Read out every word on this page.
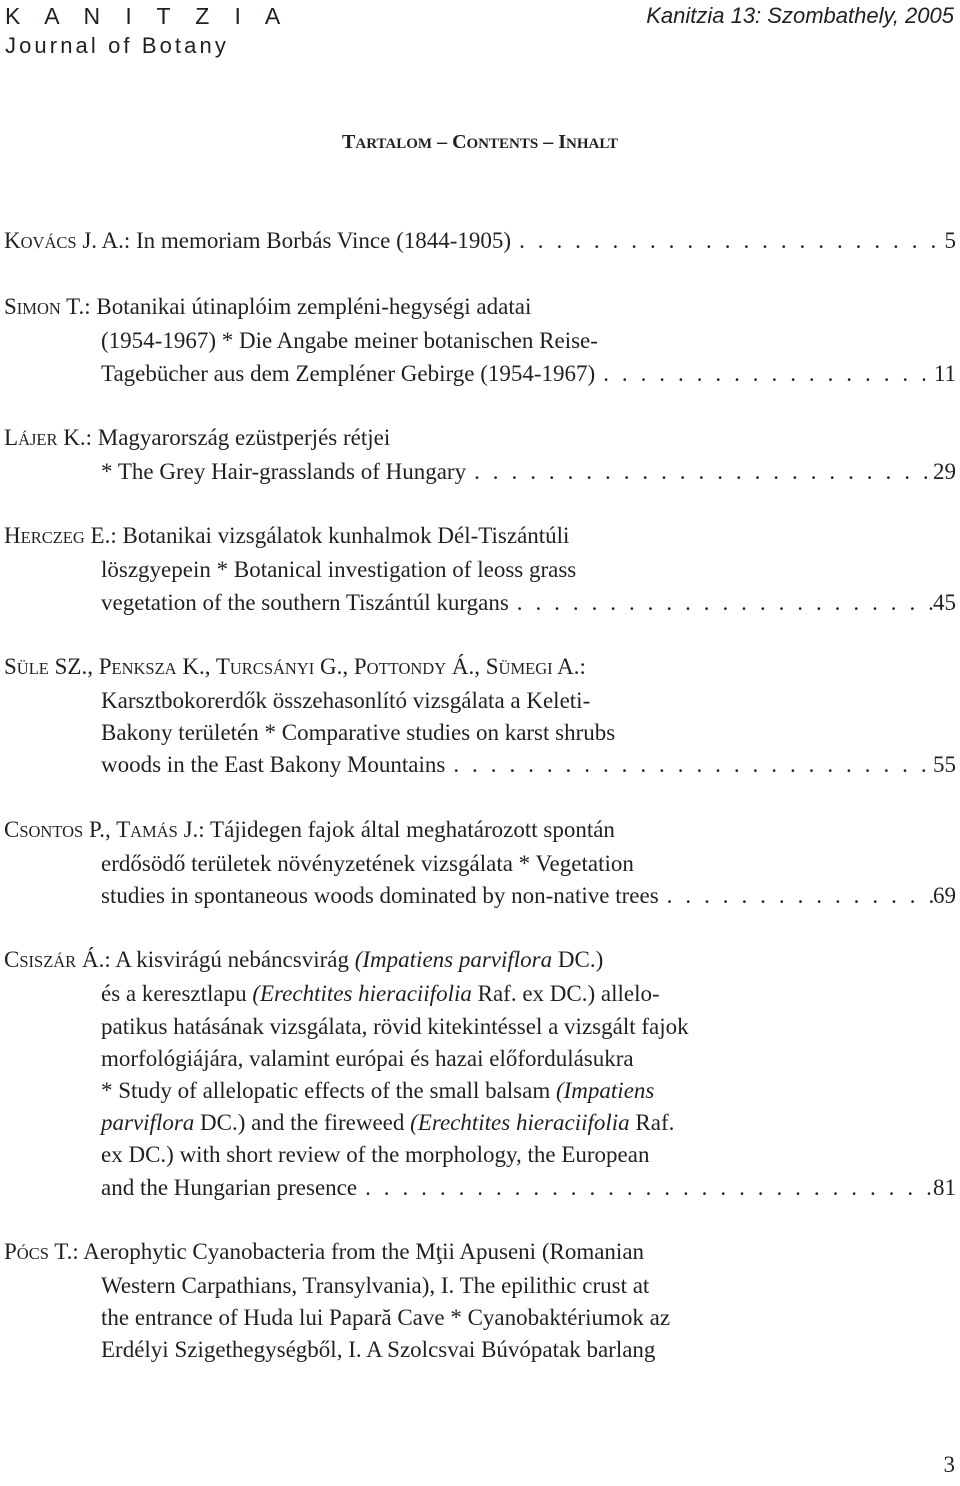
K A N I T Z I A
Journal of Botany
Kanitzia 13: Szombathely, 2005
TARTALOM – CONTENTS – INHALT
KOVÁCS J. A.: In memoriam Borbás Vince (1844-1905) . . .	5
SIMON T.: Botanikai útinaplóim zempléni-hegységi adatai
(1954-1967) * Die Angabe meiner botanischen Reise-
Tagebücher aus dem Zempléner Gebirge (1954-1967) . . .	11
LÁJER K.: Magyarország ezüstperjés rétjei
* The Grey Hair-grasslands of Hungary . . .	29
HERCZEG E.: Botanikai vizsgálatok kunhalmok Dél-Tiszántúli
löszgyepein * Botanical investigation of leoss grass
vegetation of the southern Tiszántúl kurgans . . .	45
SÜLE SZ., PENKSZA K., TURCSÁNYI G., POTTONDY Á., SÜMEGI A.:
Karsztbokorerdők összehasonlító vizsgálata a Keleti-
Bakony területén * Comparative studies on karst shrubs
woods in the East Bakony Mountains . . .	55
CSONTOS P., TAMÁS J.: Tájidegen fajok által meghatározott spontán
erdősödő területek növényzetének vizsgálata * Vegetation
studies in spontaneous woods dominated by non-native trees . . .	69
CSISZÁR Á.: A kisvirágú nebáncsvirág (Impatiens parviflora DC.)
és a keresztlapu (Erechtites hieraciifolia Raf. ex DC.) allelo-
patikus hatásának vizsgálata, rövid kitekintéssel a vizsgált fajok
morfológiájára, valamint európai és hazai előfordulásukra
* Study of allelopatic effects of the small balsam (Impatiens
parviflora DC.) and the fireweed (Erechtites hieraciifolia Raf.
ex DC.) with short review of the morphology, the European
and the Hungarian presence . . .	81
PÓCS T.: Aerophytic Cyanobacteria from the Mţii Apuseni (Romanian
Western Carpathians, Transylvania), I. The epilithic crust at
the entrance of Huda lui Papară Cave * Cyanobaktériumok az
Erdélyi Szigethegységből, I. A Szolcsvai Búvópatak barlang
3
